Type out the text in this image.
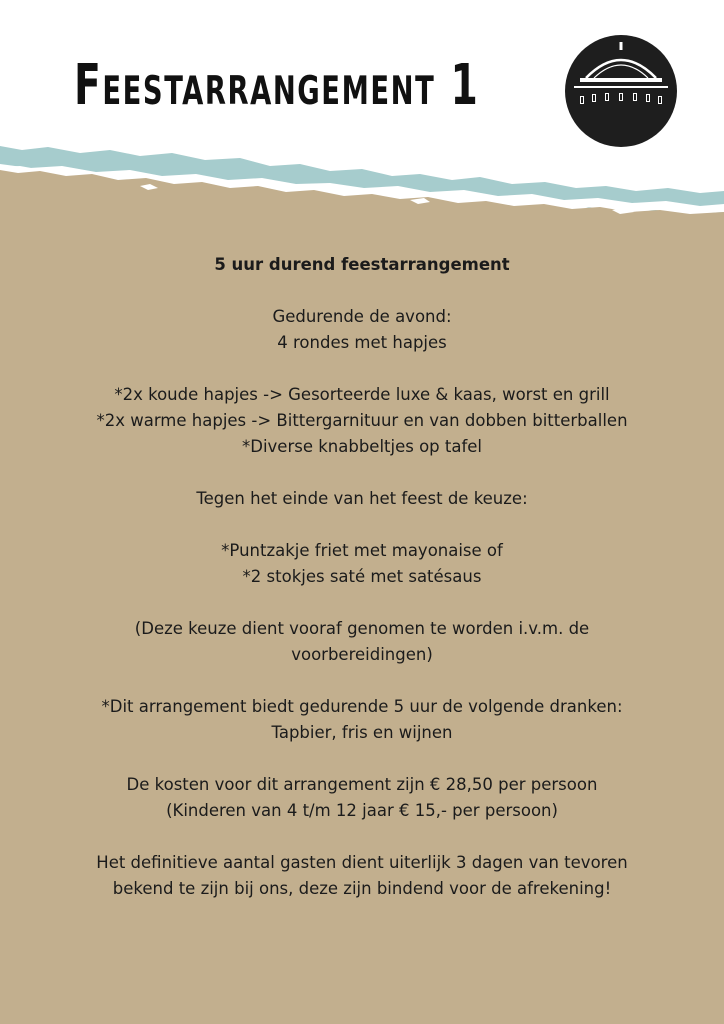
Feestarrangement 1

5 uur durend feestarrangement

Gedurende de avond:

4 rondes met hapjes

*2x koude hapjes -> Gesorteerde luxe & kaas, worst en grill

*2x warme hapjes -> Bittergarnituur en van dobben bitterballen

*Diverse knabbeltjes op tafel

Tegen het einde van het feest de keuze:

*Puntzakje friet met mayonaise of

*2 stokjes saté met satésaus

(Deze keuze dient vooraf genomen te worden i.v.m. de

voorbereidingen)

*Dit arrangement biedt gedurende 5 uur de volgende dranken:

Tapbier, fris en wijnen

De kosten voor dit arrangement zijn € 28,50 per persoon

(Kinderen van 4 t/m 12 jaar € 15,- per persoon)

Het definitieve aantal gasten dient uiterlijk 3 dagen van tevoren

bekend te zijn bij ons, deze zijn bindend voor de afrekening!
